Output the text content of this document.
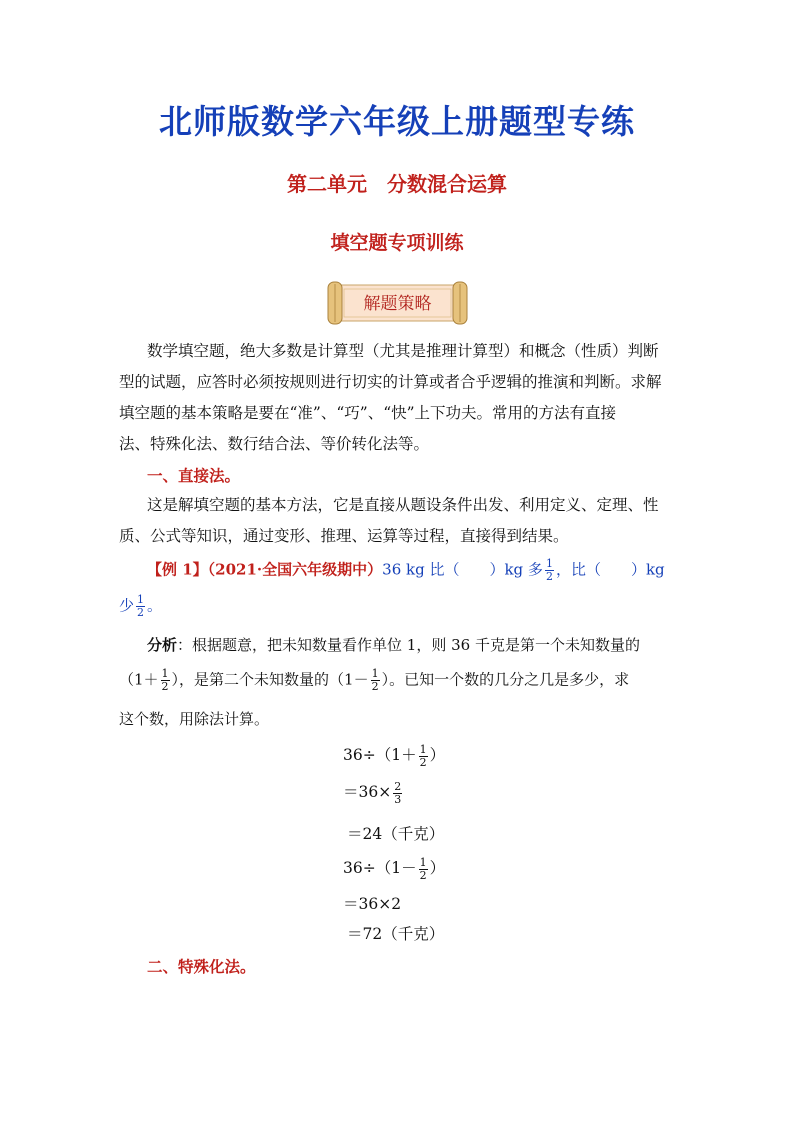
北师版数学六年级上册题型专练
第二单元　分数混合运算
填空题专项训练
解题策略
数学填空题，绝大多数是计算型（尤其是推理计算型）和概念（性质）判断
型的试题，应答时必须按规则进行切实的计算或者合乎逻辑的推演和判断。求解
填空题的基本策略是要在“准”、“巧”、“快”上下功夫。常用的方法有直接
法、特殊化法、数行结合法、等价转化法等。
一、直接法。
这是解填空题的基本方法，它是直接从题设条件出发、利用定义、定理、性
质、公式等知识，通过变形、推理、运算等过程，直接得到结果。
【例 1】（2021·全国六年级期中）36 kg 比（　　）kg 多 $\frac{1}{2}$ ，比（　　）kg
少 $\frac{1}{2}$ 。
分析：根据题意，把未知数量看作单位 1，则 36 千克是第一个未知数量的
（$1+ \frac{1}{2}$ ），是第二个未知数量的（$1- \frac{1}{2}$ ）。已知一个数的几分之几是多少，求
这个数，用除法计算。
$36\div(1+ \frac{1}{2}$ ）
$=36\times \frac{2}{3}$
＝24（千克）
$36\div(1- \frac{1}{2}$ ）
＝36×2
＝72（千克）
二、特殊化法。
